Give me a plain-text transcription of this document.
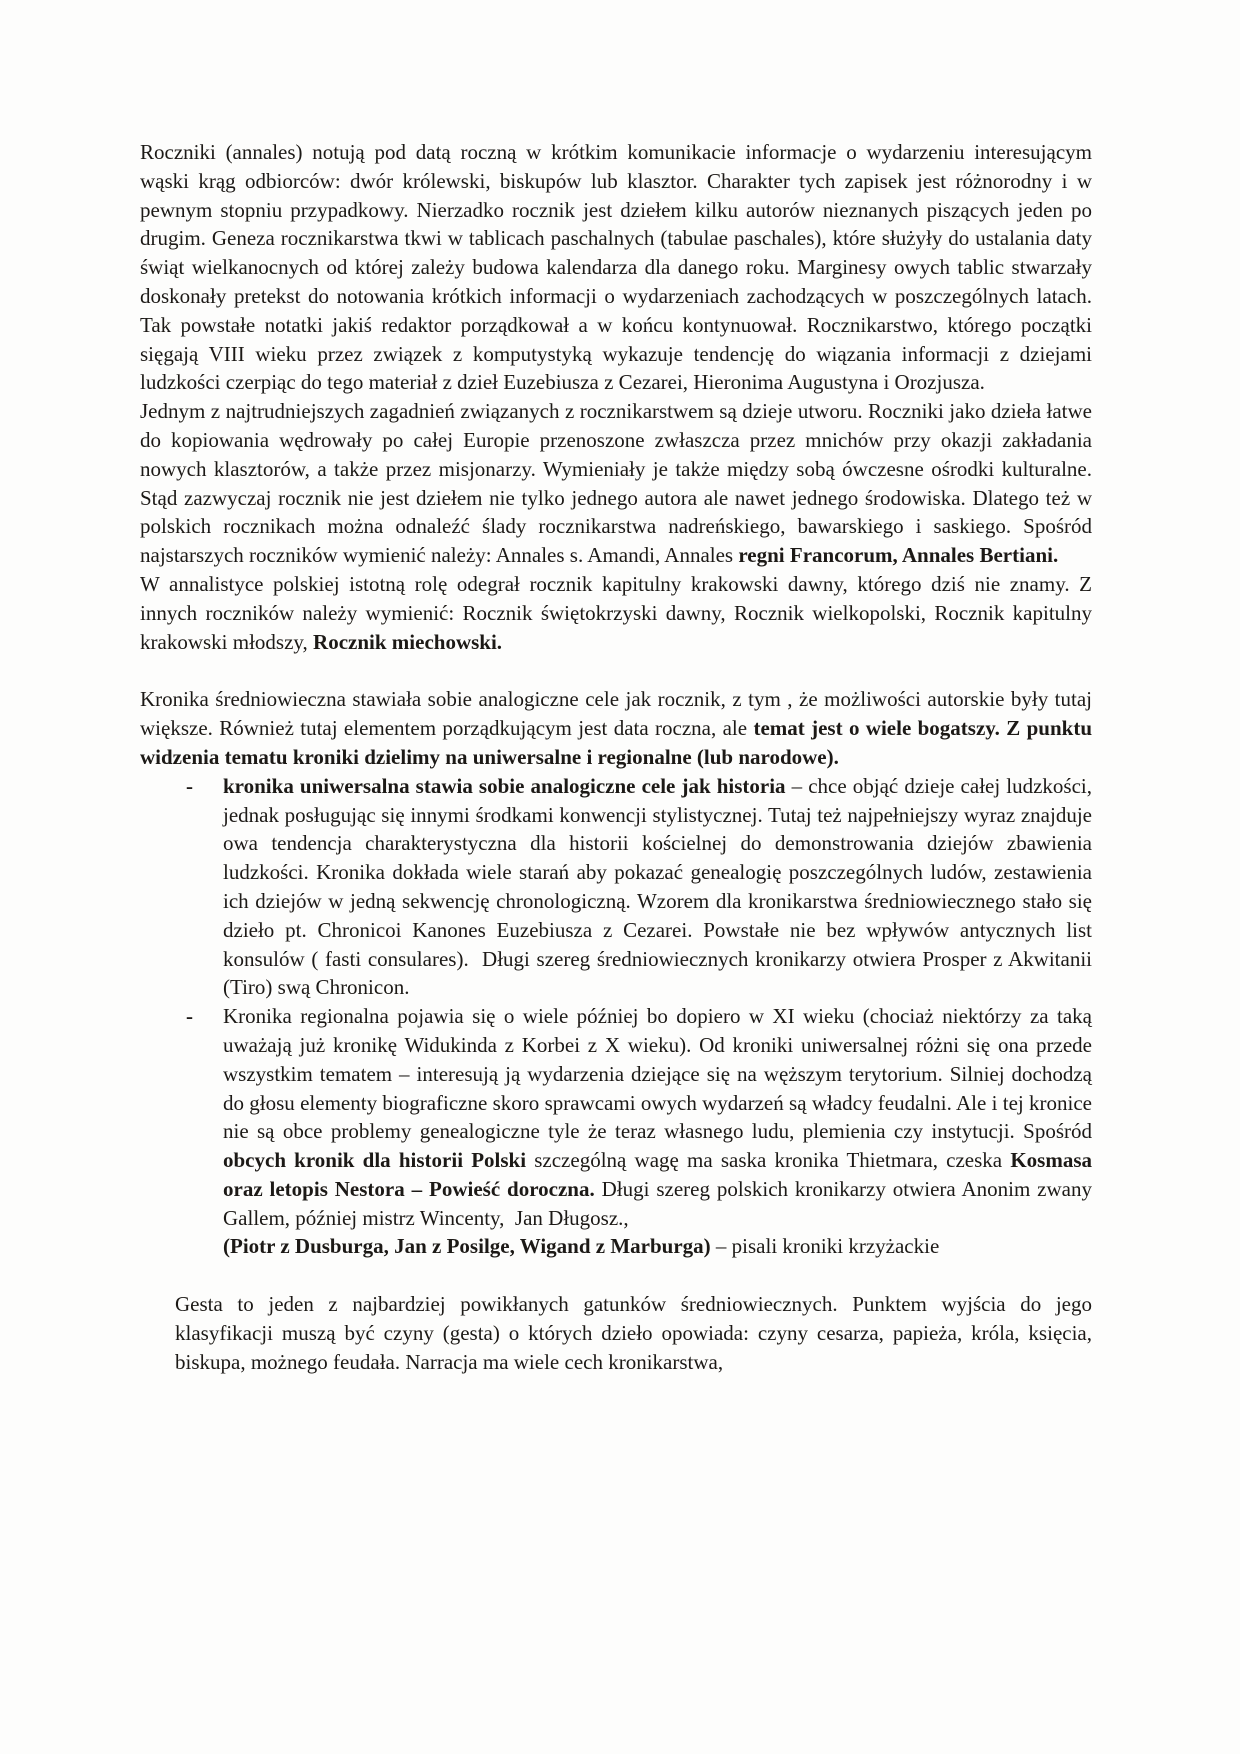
Roczniki (annales) notują pod datą roczną w krótkim komunikacie informacje o wydarzeniu interesującym wąski krąg odbiorców: dwór królewski, biskupów lub klasztor. Charakter tych zapisek jest różnorodny i w pewnym stopniu przypadkowy. Nierzadko rocznik jest dziełem kilku autorów nieznanych piszących jeden po drugim. Geneza rocznikarstwa tkwi w tablicach paschalnych (tabulae paschales), które służyły do ustalania daty świąt wielkanocnych od której zależy budowa kalendarza dla danego roku. Marginesy owych tablic stwarzały doskonały pretekst do notowania krótkich informacji o wydarzeniach zachodzących w poszczególnych latach. Tak powstałe notatki jakiś redaktor porządkował a w końcu kontynuował. Rocznikarstwo, którego początki sięgają VIII wieku przez związek z komputystyką wykazuje tendencję do wiązania informacji z dziejami ludzkości czerpiąc do tego materiał z dzieł Euzebiusza z Cezarei, Hieronima Augustyna i Orozjusza.

Jednym z najtrudniejszych zagadnień związanych z rocznikarstwem są dzieje utworu. Roczniki jako dzieła łatwe do kopiowania wędrowały po całej Europie przenoszone zwłaszcza przez mnichów przy okazji zakładania nowych klasztorów, a także przez misjonarzy. Wymieniały je także między sobą ówczesne ośrodki kulturalne. Stąd zazwyczaj rocznik nie jest dziełem nie tylko jednego autora ale nawet jednego środowiska. Dlatego też w polskich rocznikach można odnaleźć ślady rocznikarstwa nadreńskiego, bawarskiego i saskiego. Spośród najstarszych roczników wymienić należy: Annales s. Amandi, Annales regni Francorum, Annales Bertiani.

W annalistyce polskiej istotną rolę odegrał rocznik kapitulny krakowski dawny, którego dziś nie znamy. Z innych roczników należy wymienić: Rocznik świętokrzyski dawny, Rocznik wielkopolski, Rocznik kapitulny krakowski młodszy, Rocznik miechowski.

Kronika średniowieczna stawiała sobie analogiczne cele jak rocznik, z tym , że możliwości autorskie były tutaj większe. Również tutaj elementem porządkującym jest data roczna, ale temat jest o wiele bogatszy. Z punktu widzenia tematu kroniki dzielimy na uniwersalne i regionalne (lub narodowe).

- kronika uniwersalna stawia sobie analogiczne cele jak historia – chce objąć dzieje całej ludzkości, jednak posługując się innymi środkami konwencji stylistycznej. Tutaj też najpełniejszy wyraz znajduje owa tendencja charakterystyczna dla historii kościelnej do demonstrowania dziejów zbawienia ludzkości. Kronika dokłada wiele starań aby pokazać genealogię poszczególnych ludów, zestawienia ich dziejów w jedną sekwencję chronologiczną. Wzorem dla kronikarstwa średniowiecznego stało się dzieło pt. Chronicoi Kanones Euzebiusza z Cezarei. Powstałe nie bez wpływów antycznych list konsulów ( fasti consulares).  Długi szereg średniowiecznych kronikarzy otwiera Prosper z Akwitanii (Tiro) swą Chronicon.

- Kronika regionalna pojawia się o wiele później bo dopiero w XI wieku (chociaż niektórzy za taką uważają już kronikę Widukinda z Korbei z X wieku). Od kroniki uniwersalnej różni się ona przede wszystkim tematem – interesują ją wydarzenia dziejące się na węższym terytorium. Silniej dochodzą do głosu elementy biograficzne skoro sprawcami owych wydarzeń są władcy feudalni. Ale i tej kronice nie są obce problemy genealogiczne tyle że teraz własnego ludu, plemienia czy instytucji. Spośród obcych kronik dla historii Polski szczególną wagę ma saska kronika Thietmara, czeska Kosmasa oraz letopis Nestora – Powieść doroczna. Długi szereg polskich kronikarzy otwiera Anonim zwany Gallem, później mistrz Wincenty,  Jan Długosz.,
(Piotr z Dusburga, Jan z Posilge, Wigand z Marburga) – pisali kroniki krzyżackie

Gesta to jeden z najbardziej powikłanych gatunków średniowiecznych. Punktem wyjścia do jego klasyfikacji muszą być czyny (gesta) o których dzieło opowiada: czyny cesarza, papieża, króla, księcia, biskupa, możnego feudała. Narracja ma wiele cech kronikarstwa,
